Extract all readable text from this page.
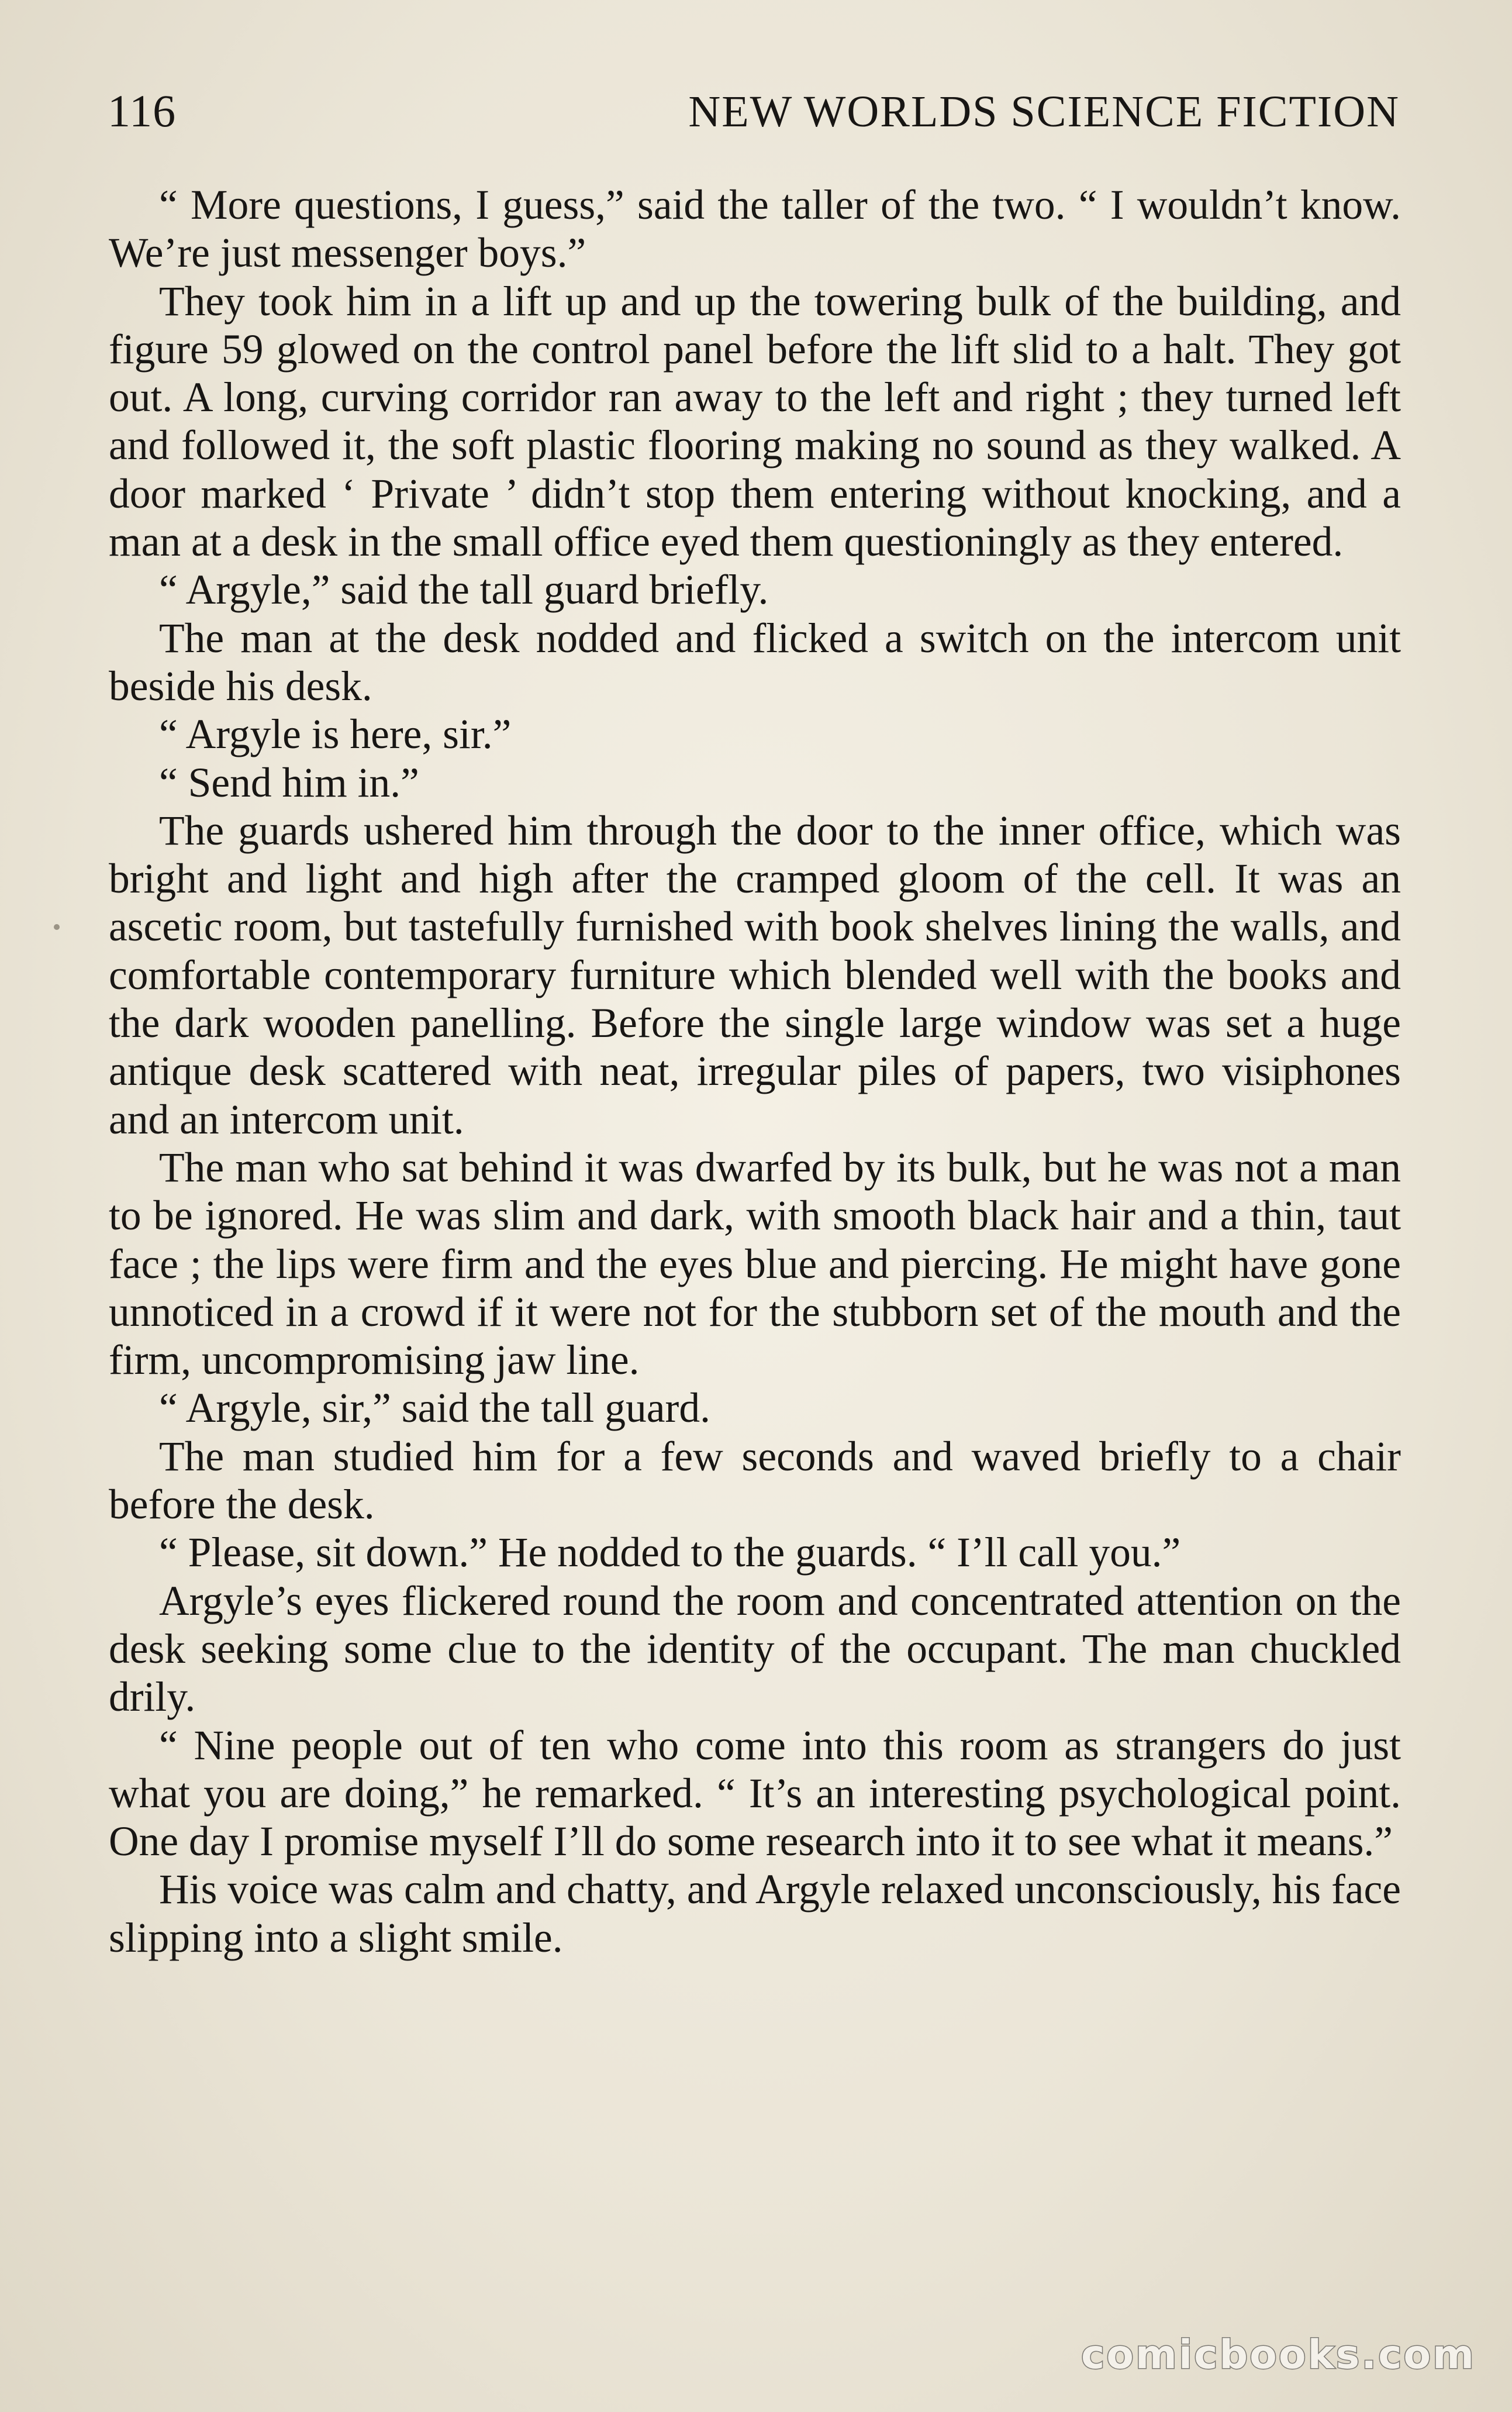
116	NEW WORLDS SCIENCE FICTION

“ More questions, I guess,” said the taller of the two. “ I wouldn’t know. We’re just messenger boys.”

They took him in a lift up and up the towering bulk of the building, and figure 59 glowed on the control panel before the lift slid to a halt. They got out. A long, curving corridor ran away to the left and right ; they turned left and followed it, the soft plastic flooring making no sound as they walked. A door marked ‘ Private ’ didn’t stop them entering without knocking, and a man at a desk in the small office eyed them questioningly as they entered.

“ Argyle,” said the tall guard briefly.

The man at the desk nodded and flicked a switch on the intercom unit beside his desk.

“ Argyle is here, sir.”

“ Send him in.”

The guards ushered him through the door to the inner office, which was bright and light and high after the cramped gloom of the cell. It was an ascetic room, but tastefully furnished with book shelves lining the walls, and comfortable contemporary furniture which blended well with the books and the dark wooden panelling. Before the single large window was set a huge antique desk scattered with neat, irregular piles of papers, two visiphones and an intercom unit.

The man who sat behind it was dwarfed by its bulk, but he was not a man to be ignored. He was slim and dark, with smooth black hair and a thin, taut face ; the lips were firm and the eyes blue and piercing. He might have gone unnoticed in a crowd if it were not for the stubborn set of the mouth and the firm, uncompromising jaw line.

“ Argyle, sir,” said the tall guard.

The man studied him for a few seconds and waved briefly to a chair before the desk.

“ Please, sit down.” He nodded to the guards. “ I’ll call you.”

Argyle’s eyes flickered round the room and concentrated attention on the desk seeking some clue to the identity of the occupant. The man chuckled drily.

“ Nine people out of ten who come into this room as strangers do just what you are doing,” he remarked. “ It’s an interesting psychological point. One day I promise myself I’ll do some research into it to see what it means.”

His voice was calm and chatty, and Argyle relaxed unconsciously, his face slipping into a slight smile.

comicbooks.com
